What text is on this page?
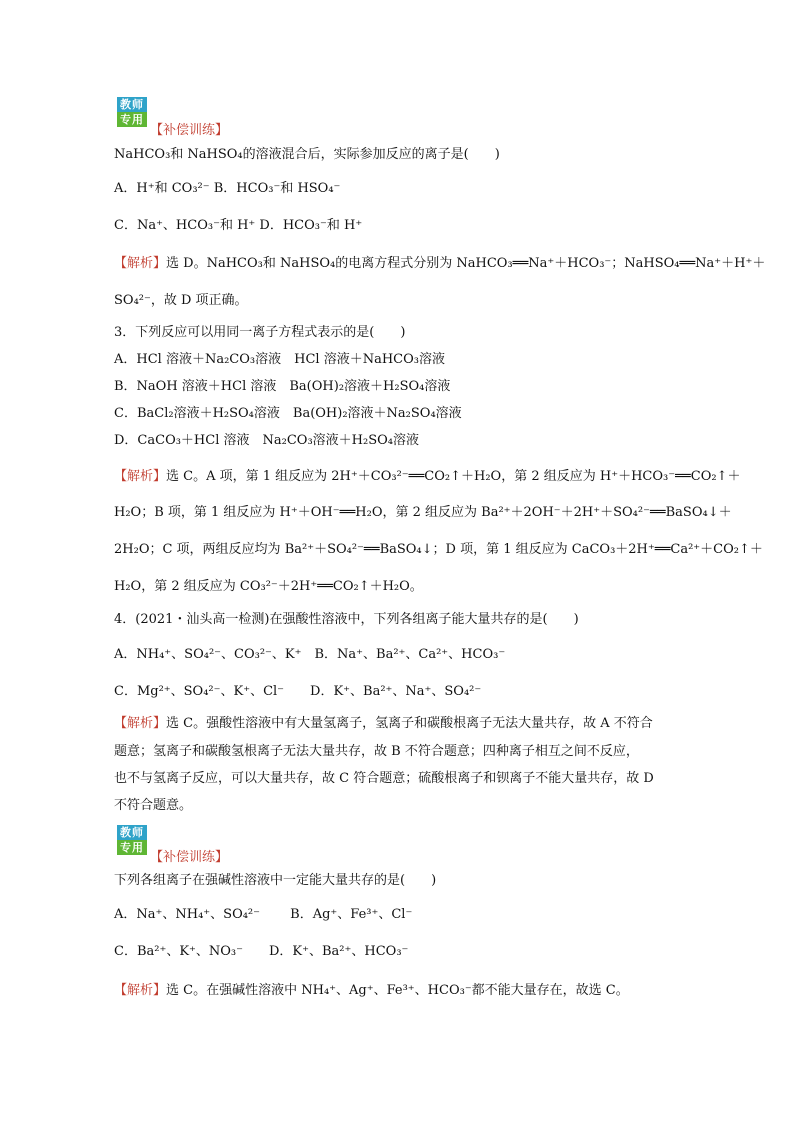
教师
专用
【补偿训练】
NaHCO₃和 NaHSO₄的溶液混合后，实际参加反应的离子是(　　)
A．H⁺和 CO₃²⁻ B．HCO₃⁻和 HSO₄⁻
C．Na⁺、HCO₃⁻和 H⁺ D．HCO₃⁻和 H⁺
【解析】选 D。NaHCO₃和 NaHSO₄的电离方程式分别为 NaHCO₃══Na⁺＋HCO₃⁻；NaHSO₄══Na⁺＋H⁺＋
SO₄²⁻，故 D 项正确。
3．下列反应可以用同一离子方程式表示的是(　　)
A．HCl 溶液＋Na₂CO₃溶液　HCl 溶液＋NaHCO₃溶液
B．NaOH 溶液＋HCl 溶液　Ba(OH)₂溶液＋H₂SO₄溶液
C．BaCl₂溶液＋H₂SO₄溶液　Ba(OH)₂溶液＋Na₂SO₄溶液
D．CaCO₃＋HCl 溶液　Na₂CO₃溶液＋H₂SO₄溶液
【解析】选 C。A 项，第 1 组反应为 2H⁺＋CO₃²⁻══CO₂↑＋H₂O，第 2 组反应为 H⁺＋HCO₃⁻══CO₂↑＋
H₂O；B 项，第 1 组反应为 H⁺＋OH⁻══H₂O，第 2 组反应为 Ba²⁺＋2OH⁻＋2H⁺＋SO₄²⁻══BaSO₄↓＋
2H₂O；C 项，两组反应均为 Ba²⁺＋SO₄²⁻══BaSO₄↓；D 项，第 1 组反应为 CaCO₃＋2H⁺══Ca²⁺＋CO₂↑＋
H₂O，第 2 组反应为 CO₃²⁻＋2H⁺══CO₂↑＋H₂O。
4．(2021・汕头高一检测)在强酸性溶液中，下列各组离子能大量共存的是(　　)
A．NH₄⁺、SO₄²⁻、CO₃²⁻、K⁺　B．Na⁺、Ba²⁺、Ca²⁺、HCO₃⁻
C．Mg²⁺、SO₄²⁻、K⁺、Cl⁻　　D．K⁺、Ba²⁺、Na⁺、SO₄²⁻
【解析】选 C。强酸性溶液中有大量氢离子，氢离子和碳酸根离子无法大量共存，故 A 不符合
题意；氢离子和碳酸氢根离子无法大量共存，故 B 不符合题意；四种离子相互之间不反应，
也不与氢离子反应，可以大量共存，故 C 符合题意；硫酸根离子和钡离子不能大量共存，故 D
不符合题意。
教师
专用
【补偿训练】
下列各组离子在强碱性溶液中一定能大量共存的是(　　)
A．Na⁺、NH₄⁺、SO₄²⁻　　 B．Ag⁺、Fe³⁺、Cl⁻
C．Ba²⁺、K⁺、NO₃⁻　　D．K⁺、Ba²⁺、HCO₃⁻
【解析】选 C。在强碱性溶液中 NH₄⁺、Ag⁺、Fe³⁺、HCO₃⁻都不能大量存在，故选 C。
